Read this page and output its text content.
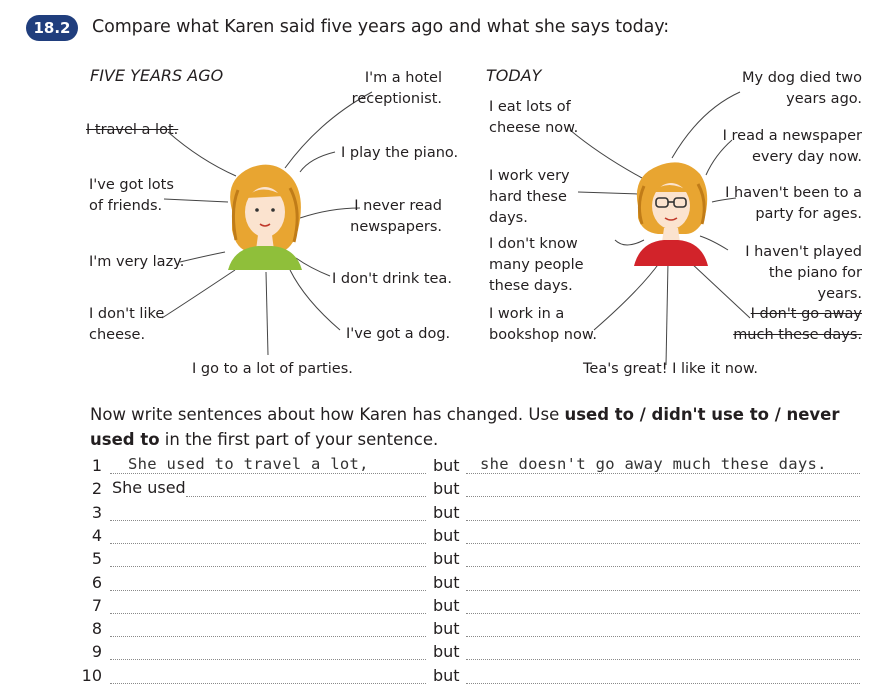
18.2	Compare what Karen said five years ago and what she says today:
FIVE YEARS AGO	I'm a hotel receptionist.
I travel a lot.
I play the piano.
I've got lots of friends.	I never read newspapers.
I'm very lazy.
I don't drink tea.
I don't like cheese.	I've got a dog.
I go to a lot of parties.
TODAY	My dog died two years ago.
I eat lots of cheese now.	I read a newspaper every day now.
I work very hard these days.
I haven't been to a party for ages.
I don't know many people these days.
I haven't played the piano for years.
I work in a bookshop now.
I don't go away much these days.
Tea's great! I like it now.
Now write sentences about how Karen has changed. Use used to / didn't use to / never used to in the first part of your sentence.
1 She used to travel a lot,	but she doesn't go away much these days.
2 She used	but
3	but
4	but
5	but
6	but
7	but
8	but
9	but
10	but
